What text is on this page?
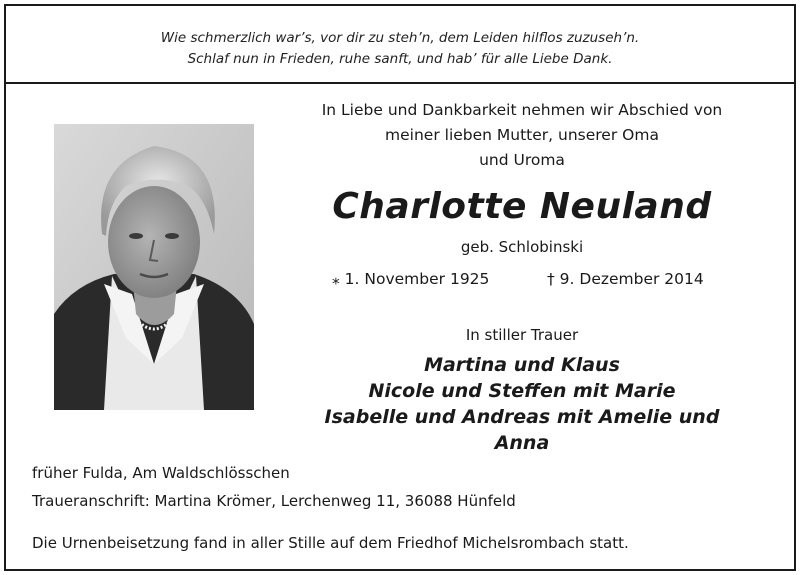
Wie schmerzlich war’s, vor dir zu steh’n, dem Leiden hilflos zuzuseh’n.
Schlaf nun in Frieden, ruhe sanft, und hab’ für alle Liebe Dank.
In Liebe und Dankbarkeit nehmen wir Abschied von
meiner lieben Mutter, unserer Oma
und Uroma
Charlotte Neuland
geb. Schlobinski
⁎ 1. November 1925	† 9. Dezember 2014
In stiller Trauer
Martina und Klaus
Nicole und Steffen mit Marie
Isabelle und Andreas mit Amelie und Anna
früher Fulda, Am Waldschlösschen
Traueranschrift: Martina Krömer, Lerchenweg 11, 36088 Hünfeld
Die Urnenbeisetzung fand in aller Stille auf dem Friedhof Michelsrombach statt.
